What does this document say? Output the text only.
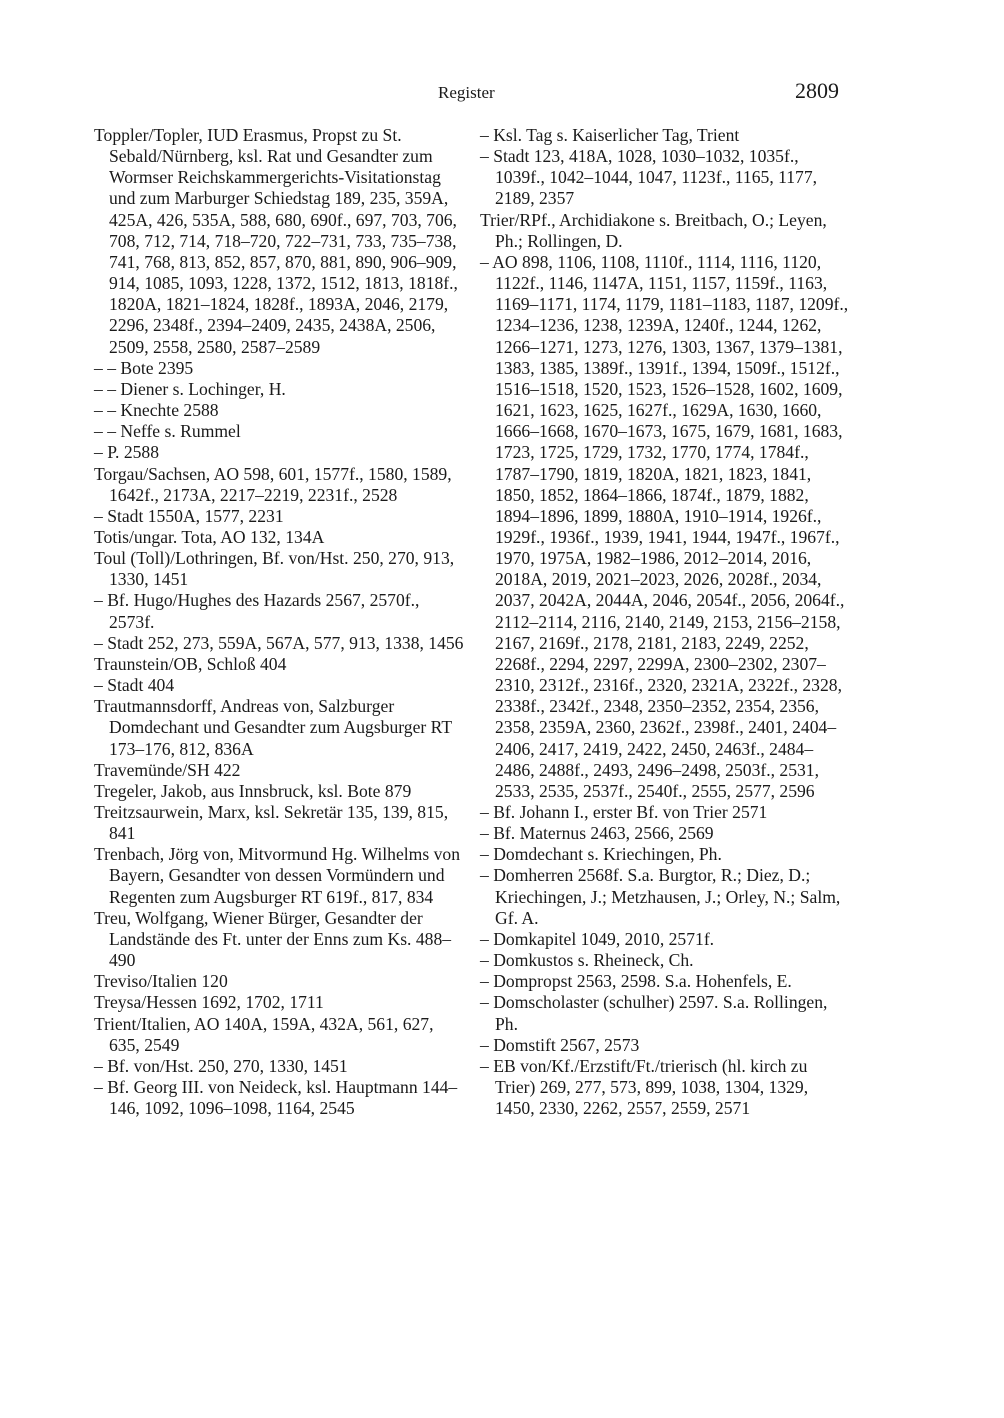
Register	2809
Toppler/Topler, IUD Erasmus, Propst zu St. Sebald/Nürnberg, ksl. Rat und Gesandter zum Wormser Reichskammergerichts-Visitationstag und zum Marburger Schiedstag 189, 235, 359A, 425A, 426, 535A, 588, 680, 690f., 697, 703, 706, 708, 712, 714, 718–720, 722–731, 733, 735–738, 741, 768, 813, 852, 857, 870, 881, 890, 906–909, 914, 1085, 1093, 1228, 1372, 1512, 1813, 1818f., 1820A, 1821–1824, 1828f., 1893A, 2046, 2179, 2296, 2348f., 2394–2409, 2435, 2438A, 2506, 2509, 2558, 2580, 2587–2589
– – Bote 2395
– – Diener s. Lochinger, H.
– – Knechte 2588
– – Neffe s. Rummel
– P. 2588
Torgau/Sachsen, AO 598, 601, 1577f., 1580, 1589, 1642f., 2173A, 2217–2219, 2231f., 2528
– Stadt 1550A, 1577, 2231
Totis/ungar. Tota, AO 132, 134A
Toul (Toll)/Lothringen, Bf. von/Hst. 250, 270, 913, 1330, 1451
– Bf. Hugo/Hughes des Hazards 2567, 2570f., 2573f.
– Stadt 252, 273, 559A, 567A, 577, 913, 1338, 1456
Traunstein/OB, Schloß 404
– Stadt 404
Trautmannsdorff, Andreas von, Salzburger Domdechant und Gesandter zum Augsburger RT 173–176, 812, 836A
Travemünde/SH 422
Tregeler, Jakob, aus Innsbruck, ksl. Bote 879
Treitzsaurwein, Marx, ksl. Sekretär 135, 139, 815, 841
Trenbach, Jörg von, Mitvormund Hg. Wilhelms von Bayern, Gesandter von dessen Vormündern und Regenten zum Augsburger RT 619f., 817, 834
Treu, Wolfgang, Wiener Bürger, Gesandter der Landstände des Ft. unter der Enns zum Ks. 488–490
Treviso/Italien 120
Treysa/Hessen 1692, 1702, 1711
Trient/Italien, AO 140A, 159A, 432A, 561, 627, 635, 2549
– Bf. von/Hst. 250, 270, 1330, 1451
– Bf. Georg III. von Neideck, ksl. Hauptmann 144–146, 1092, 1096–1098, 1164, 2545
– Ksl. Tag s. Kaiserlicher Tag, Trient
– Stadt 123, 418A, 1028, 1030–1032, 1035f., 1039f., 1042–1044, 1047, 1123f., 1165, 1177, 2189, 2357
Trier/RPf., Archidiakone s. Breitbach, O.; Leyen, Ph.; Rollingen, D.
– AO 898, 1106, 1108, 1110f., 1114, 1116, 1120, 1122f., 1146, 1147A, 1151, 1157, 1159f., 1163, 1169–1171, 1174, 1179, 1181–1183, 1187, 1209f., 1234–1236, 1238, 1239A, 1240f., 1244, 1262, 1266–1271, 1273, 1276, 1303, 1367, 1379–1381, 1383, 1385, 1389f., 1391f., 1394, 1509f., 1512f., 1516–1518, 1520, 1523, 1526–1528, 1602, 1609, 1621, 1623, 1625, 1627f., 1629A, 1630, 1660, 1666–1668, 1670–1673, 1675, 1679, 1681, 1683, 1723, 1725, 1729, 1732, 1770, 1774, 1784f., 1787–1790, 1819, 1820A, 1821, 1823, 1841, 1850, 1852, 1864–1866, 1874f., 1879, 1882, 1894–1896, 1899, 1880A, 1910–1914, 1926f., 1929f., 1936f., 1939, 1941, 1944, 1947f., 1967f., 1970, 1975A, 1982–1986, 2012–2014, 2016, 2018A, 2019, 2021–2023, 2026, 2028f., 2034, 2037, 2042A, 2044A, 2046, 2054f., 2056, 2064f., 2112–2114, 2116, 2140, 2149, 2153, 2156–2158, 2167, 2169f., 2178, 2181, 2183, 2249, 2252, 2268f., 2294, 2297, 2299A, 2300–2302, 2307–2310, 2312f., 2316f., 2320, 2321A, 2322f., 2328, 2338f., 2342f., 2348, 2350–2352, 2354, 2356, 2358, 2359A, 2360, 2362f., 2398f., 2401, 2404–2406, 2417, 2419, 2422, 2450, 2463f., 2484–2486, 2488f., 2493, 2496–2498, 2503f., 2531, 2533, 2535, 2537f., 2540f., 2555, 2577, 2596
– Bf. Johann I., erster Bf. von Trier 2571
– Bf. Maternus 2463, 2566, 2569
– Domdechant s. Kriechingen, Ph.
– Domherren 2568f. S.a. Burgtor, R.; Diez, D.; Kriechingen, J.; Metzhausen, J.; Orley, N.; Salm, Gf. A.
– Domkapitel 1049, 2010, 2571f.
– Domkustos s. Rheineck, Ch.
– Dompropst 2563, 2598. S.a. Hohenfels, E.
– Domscholaster (schulher) 2597. S.a. Rollingen, Ph.
– Domstift 2567, 2573
– EB von/Kf./Erzstift/Ft./trierisch (hl. kirch zu Trier) 269, 277, 573, 899, 1038, 1304, 1329, 1450, 2330, 2262, 2557, 2559, 2571
